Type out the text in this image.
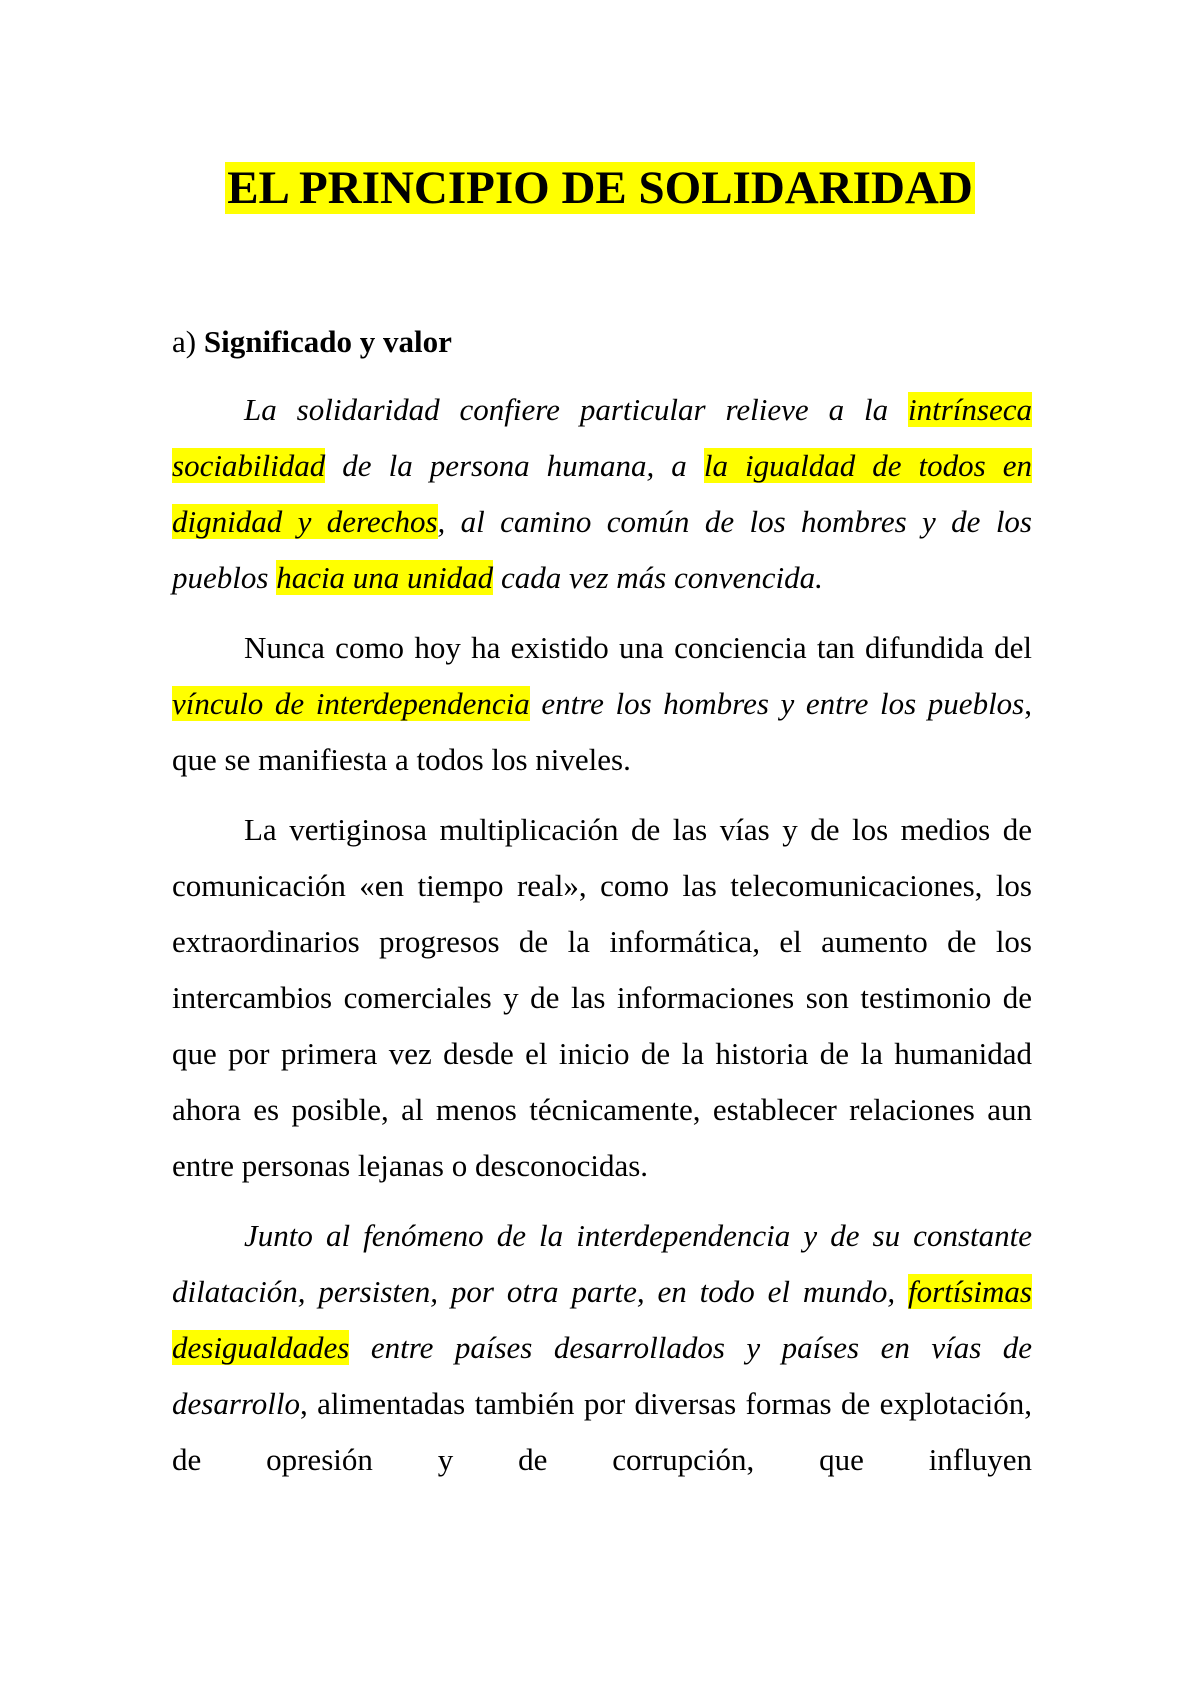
EL PRINCIPIO DE SOLIDARIDAD
a) Significado y valor

La solidaridad confiere particular relieve a la intrínseca sociabilidad de la persona humana, a la igualdad de todos en dignidad y derechos, al camino común de los hombres y de los pueblos hacia una unidad cada vez más convencida.

Nunca como hoy ha existido una conciencia tan difundida del vínculo de interdependencia entre los hombres y entre los pueblos, que se manifiesta a todos los niveles.

La vertiginosa multiplicación de las vías y de los medios de comunicación «en tiempo real», como las telecomunicaciones, los extraordinarios progresos de la informática, el aumento de los intercambios comerciales y de las informaciones son testimonio de que por primera vez desde el inicio de la historia de la humanidad ahora es posible, al menos técnicamente, establecer relaciones aun entre personas lejanas o desconocidas.

Junto al fenómeno de la interdependencia y de su constante dilatación, persisten, por otra parte, en todo el mundo, fortísimas desigualdades entre países desarrollados y países en vías de desarrollo, alimentadas también por diversas formas de explotación, de opresión y de corrupción, que influyen
